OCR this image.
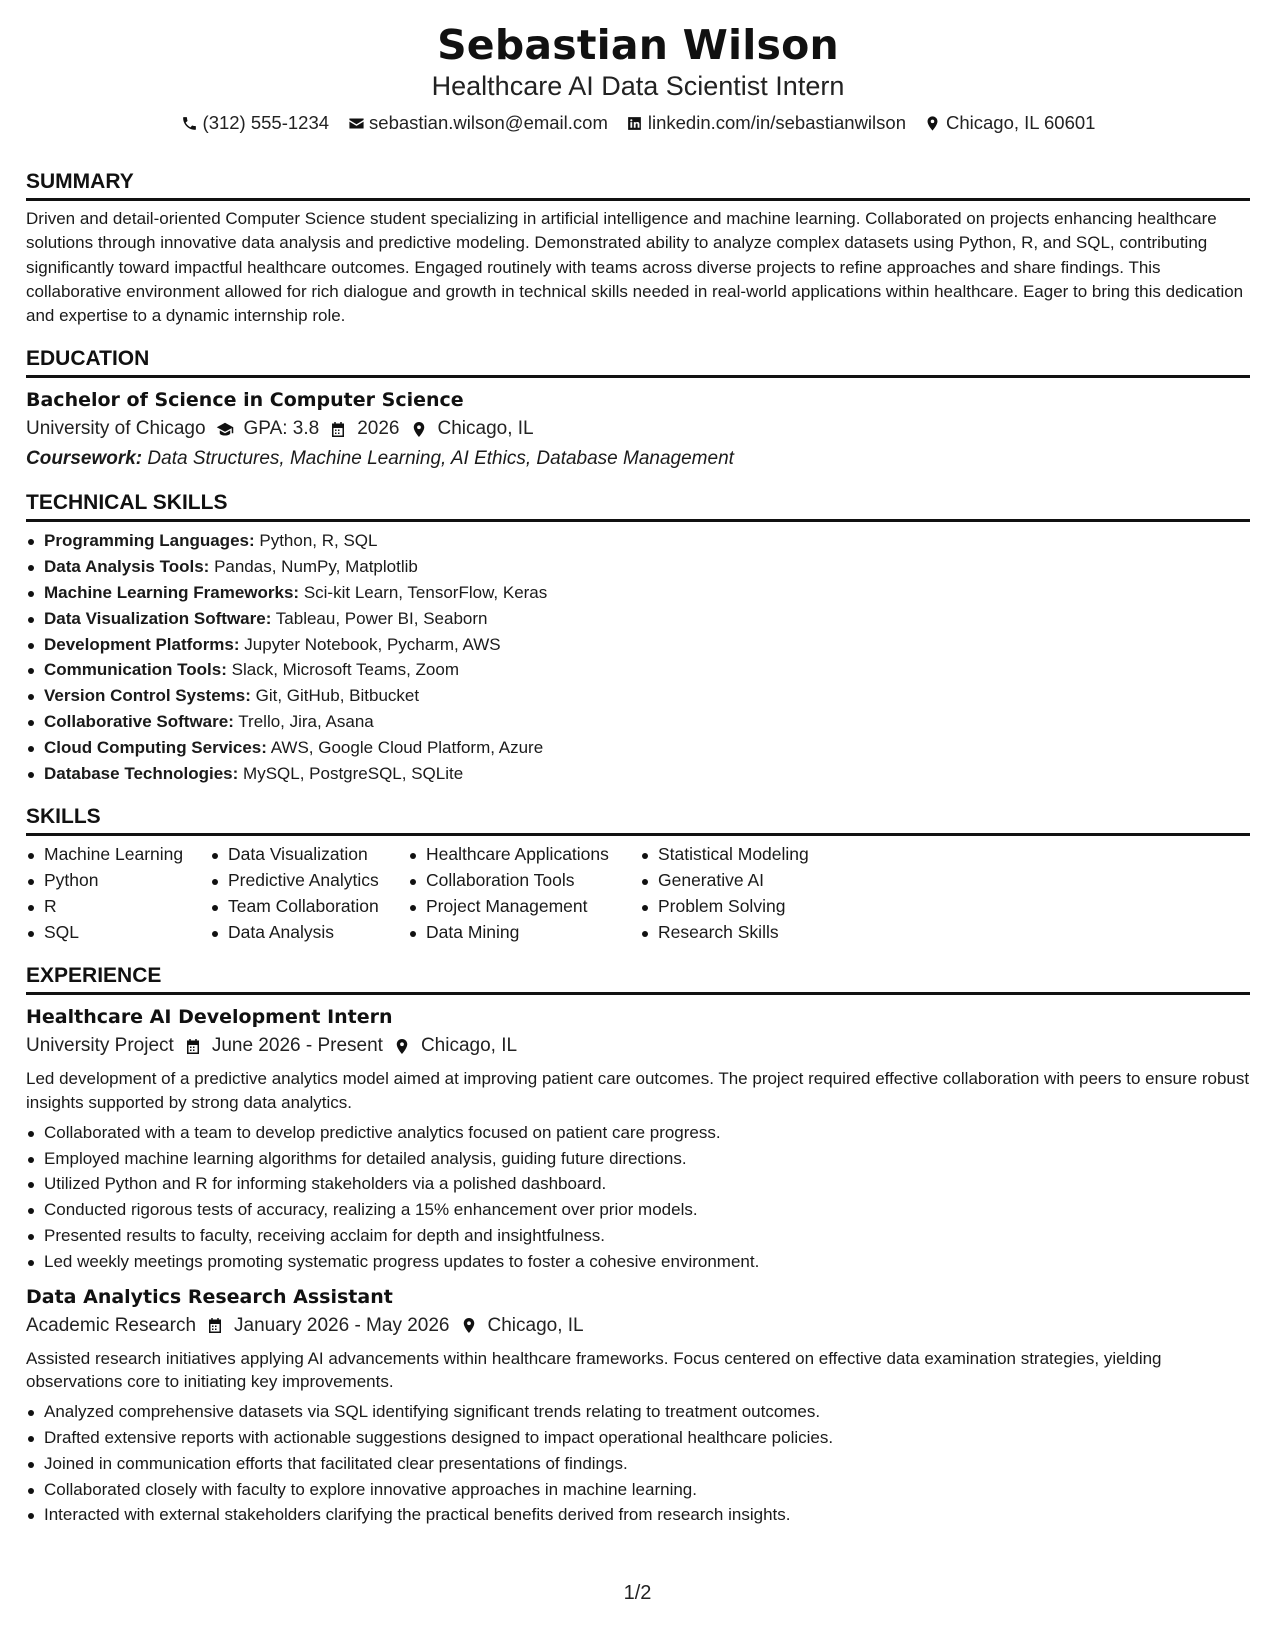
Sebastian Wilson
Healthcare AI Data Scientist Intern
(312) 555-1234 sebastian.wilson@email.com linkedin.com/in/sebastianwilson Chicago, IL 60601
SUMMARY
Driven and detail-oriented Computer Science student specializing in artificial intelligence and machine learning. Collaborated on projects enhancing healthcare solutions through innovative data analysis and predictive modeling. Demonstrated ability to analyze complex datasets using Python, R, and SQL, contributing significantly toward impactful healthcare outcomes. Engaged routinely with teams across diverse projects to refine approaches and share findings. This collaborative environment allowed for rich dialogue and growth in technical skills needed in real-world applications within healthcare. Eager to bring this dedication and expertise to a dynamic internship role.
EDUCATION
Bachelor of Science in Computer Science
University of Chicago GPA: 3.8 2026 Chicago, IL
Coursework: Data Structures, Machine Learning, AI Ethics, Database Management
TECHNICAL SKILLS
Programming Languages: Python, R, SQL
Data Analysis Tools: Pandas, NumPy, Matplotlib
Machine Learning Frameworks: Sci-kit Learn, TensorFlow, Keras
Data Visualization Software: Tableau, Power BI, Seaborn
Development Platforms: Jupyter Notebook, Pycharm, AWS
Communication Tools: Slack, Microsoft Teams, Zoom
Version Control Systems: Git, GitHub, Bitbucket
Collaborative Software: Trello, Jira, Asana
Cloud Computing Services: AWS, Google Cloud Platform, Azure
Database Technologies: MySQL, PostgreSQL, SQLite
SKILLS
Machine Learning
Python
R
SQL
Data Visualization
Predictive Analytics
Team Collaboration
Data Analysis
Healthcare Applications
Collaboration Tools
Project Management
Data Mining
Statistical Modeling
Generative AI
Problem Solving
Research Skills
EXPERIENCE
Healthcare AI Development Intern
University Project June 2026 - Present Chicago, IL
Led development of a predictive analytics model aimed at improving patient care outcomes. The project required effective collaboration with peers to ensure robust insights supported by strong data analytics.
Collaborated with a team to develop predictive analytics focused on patient care progress.
Employed machine learning algorithms for detailed analysis, guiding future directions.
Utilized Python and R for informing stakeholders via a polished dashboard.
Conducted rigorous tests of accuracy, realizing a 15% enhancement over prior models.
Presented results to faculty, receiving acclaim for depth and insightfulness.
Led weekly meetings promoting systematic progress updates to foster a cohesive environment.
Data Analytics Research Assistant
Academic Research January 2026 - May 2026 Chicago, IL
Assisted research initiatives applying AI advancements within healthcare frameworks. Focus centered on effective data examination strategies, yielding observations core to initiating key improvements.
Analyzed comprehensive datasets via SQL identifying significant trends relating to treatment outcomes.
Drafted extensive reports with actionable suggestions designed to impact operational healthcare policies.
Joined in communication efforts that facilitated clear presentations of findings.
Collaborated closely with faculty to explore innovative approaches in machine learning.
Interacted with external stakeholders clarifying the practical benefits derived from research insights.
1/2
